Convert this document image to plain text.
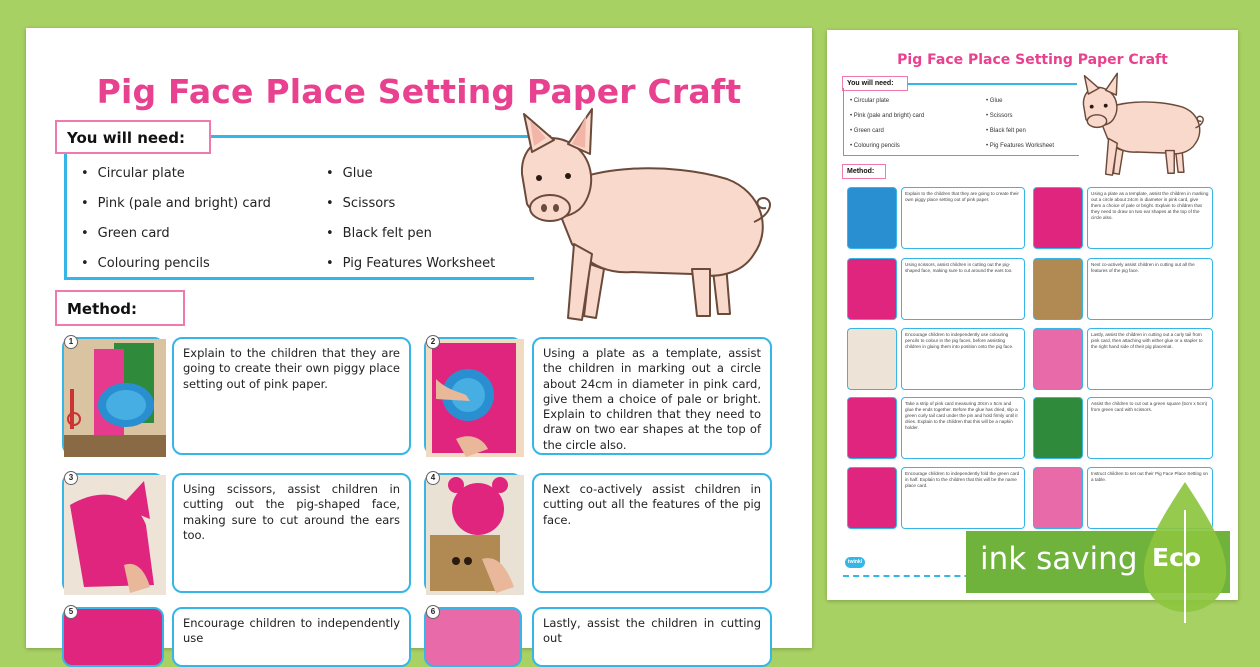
Pig Face Place Setting Paper Craft
You will need:
• Circular plate
• Pink (pale and bright) card
• Green card
• Colouring pencils
• Glue
• Scissors
• Black felt pen
• Pig Features Worksheet
Method:
1
Explain to the children that they are going to create their own piggy place setting out of pink paper.
2
Using a plate as a template, assist the children in marking out a circle about 24cm in diameter in pink card, give them a choice of pale or bright. Explain to children that they need to draw on two ear shapes at the top of the circle also.
3
Using scissors, assist children in cutting out the pig-shaped face, making sure to cut around the ears too.
4
Next co-actively assist children in cutting out all the features of the pig face.
5
Encourage children to independently use
6
Lastly, assist the children in cutting out
Pig Face Place Setting Paper Craft
You will need:
• Circular plate
• Pink (pale and bright) card
• Green card
• Colouring pencils
• Glue
• Scissors
• Black felt pen
• Pig Features Worksheet
Method:
Explain to the children that they are going to create their own piggy place setting out of pink paper.
Using a plate as a template, assist the children in marking out a circle about 24cm in diameter in pink card, give them a choice of pale or bright. Explain to children that they need to draw on two ear shapes at the top of the circle also.
Using scissors, assist children in cutting out the pig-shaped face, making sure to cut around the ears too.
Next co-actively assist children in cutting out all the features of the pig face.
Encourage children to independently use colouring pencils to colour in the pig faces, before assisting children in gluing them into position onto the pig face.
Lastly, assist the children in cutting out a curly tail from pink card, then attaching with either glue or a stapler to the right hand side of their pig placemat.
Take a strip of pink card measuring 30cm x 5cm and glue the ends together. Before the glue has dried, slip a green curly tail card under the pin and hold firmly until it dries. Explain to the children that this will be a napkin holder.
Assist the children to cut out a green square (5cm x 5cm) from green card with scissors.
Encourage children to independently fold the green card in half. Explain to the children that this will be the name place card.
Instruct children to set out their Pig Face Place Setting on a table.
twinkl	ink saving Eco
